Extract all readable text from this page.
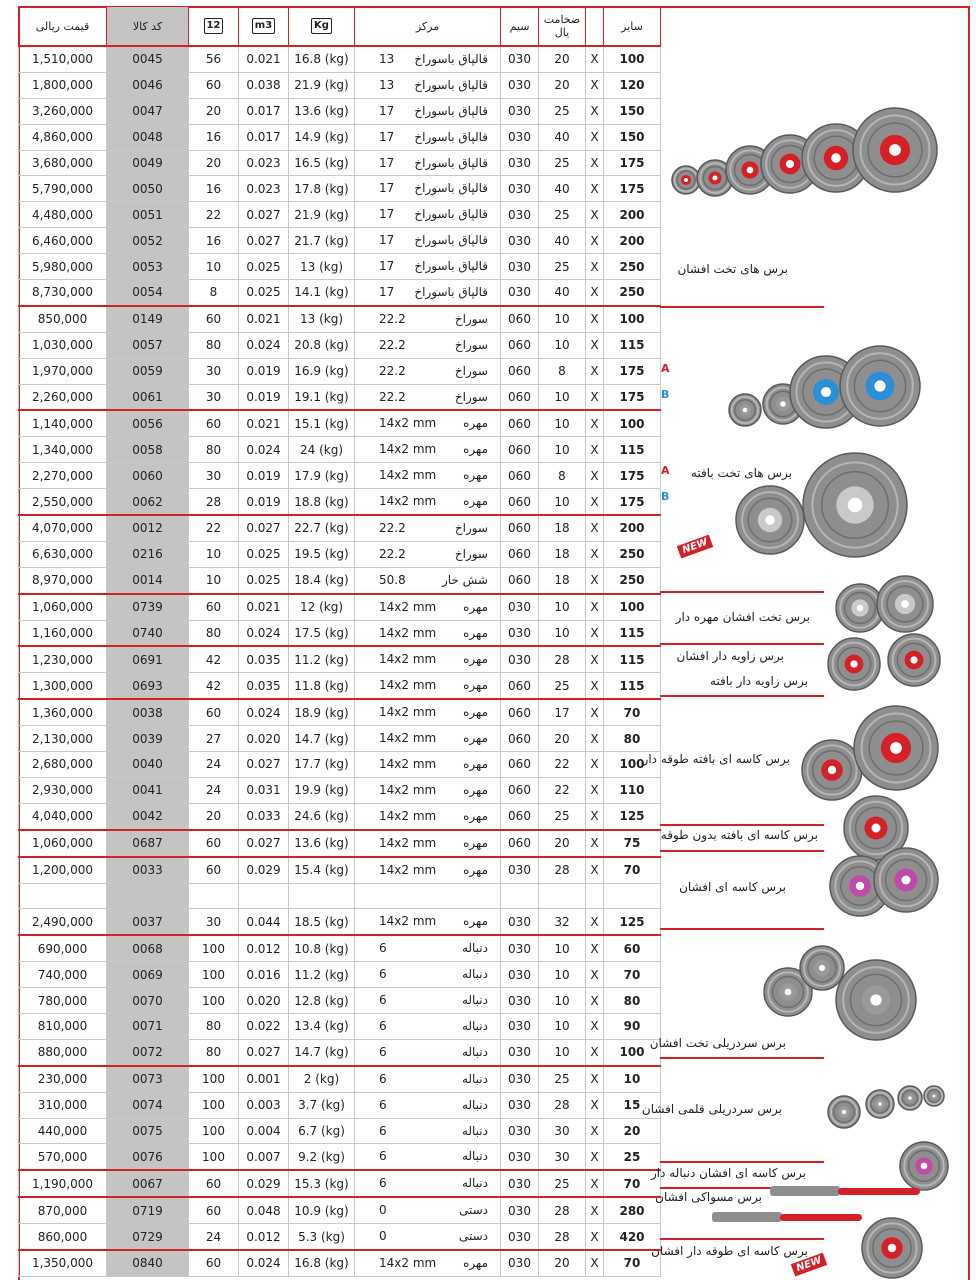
قیمت ریالی	کد کالا	12	m3	Kg	مرکز	سیم	ضخامت
یال		سایز
1,510,000	0045	56	0.021	16.8 (kg)	13 قالپاق باسوراخ	030	20	X	100
1,800,000	0046	60	0.038	21.9 (kg)	13 قالپاق باسوراخ	030	20	X	120
3,260,000	0047	20	0.017	13.6 (kg)	17 قالپاق باسوراخ	030	25	X	150
4,860,000	0048	16	0.017	14.9 (kg)	17 قالپاق باسوراخ	030	40	X	150
3,680,000	0049	20	0.023	16.5 (kg)	17 قالپاق باسوراخ	030	25	X	175
5,790,000	0050	16	0.023	17.8 (kg)	17 قالپاق باسوراخ	030	40	X	175
4,480,000	0051	22	0.027	21.9 (kg)	17 قالپاق باسوراخ	030	25	X	200
6,460,000	0052	16	0.027	21.7 (kg)	17 قالپاق باسوراخ	030	40	X	200
5,980,000	0053	10	0.025	13 (kg)	17 قالپاق باسوراخ	030	25	X	250
8,730,000	0054	8	0.025	14.1 (kg)	17 قالپاق باسوراخ	030	40	X	250
850,000	0149	60	0.021	13 (kg)	22.2 سوراخ	060	10	X	100
1,030,000	0057	80	0.024	20.8 (kg)	22.2 سوراخ	060	10	X	115
1,970,000	0059	30	0.019	16.9 (kg)	22.2 سوراخ	060	8	X	175
2,260,000	0061	30	0.019	19.1 (kg)	22.2 سوراخ	060	10	X	175
1,140,000	0056	60	0.021	15.1 (kg)	14x2 mm مهره	060	10	X	100
1,340,000	0058	80	0.024	24 (kg)	14x2 mm مهره	060	10	X	115
2,270,000	0060	30	0.019	17.9 (kg)	14x2 mm مهره	060	8	X	175
2,550,000	0062	28	0.019	18.8 (kg)	14x2 mm مهره	060	10	X	175
4,070,000	0012	22	0.027	22.7 (kg)	22.2 سوراخ	060	18	X	200
6,630,000	0216	10	0.025	19.5 (kg)	22.2 سوراخ	060	18	X	250
8,970,000	0014	10	0.025	18.4 (kg)	50.8 شش خار	060	18	X	250
1,060,000	0739	60	0.021	12 (kg)	14x2 mm مهره	030	10	X	100
1,160,000	0740	80	0.024	17.5 (kg)	14x2 mm مهره	030	10	X	115
1,230,000	0691	42	0.035	11.2 (kg)	14x2 mm مهره	030	28	X	115
1,300,000	0693	42	0.035	11.8 (kg)	14x2 mm مهره	060	25	X	115
1,360,000	0038	60	0.024	18.9 (kg)	14x2 mm مهره	060	17	X	70
2,130,000	0039	27	0.020	14.7 (kg)	14x2 mm مهره	060	20	X	80
2,680,000	0040	24	0.027	17.7 (kg)	14x2 mm مهره	060	22	X	100
2,930,000	0041	24	0.031	19.9 (kg)	14x2 mm مهره	060	22	X	110
4,040,000	0042	20	0.033	24.6 (kg)	14x2 mm مهره	060	25	X	125
1,060,000	0687	60	0.027	13.6 (kg)	14x2 mm مهره	060	20	X	75
1,200,000	0033	60	0.029	15.4 (kg)	14x2 mm مهره	030	28	X	70

2,490,000	0037	30	0.044	18.5 (kg)	14x2 mm مهره	030	32	X	125
690,000	0068	100	0.012	10.8 (kg)	6 دنباله	030	10	X	60
740,000	0069	100	0.016	11.2 (kg)	6 دنباله	030	10	X	70
780,000	0070	100	0.020	12.8 (kg)	6 دنباله	030	10	X	80
810,000	0071	80	0.022	13.4 (kg)	6 دنباله	030	10	X	90
880,000	0072	80	0.027	14.7 (kg)	6 دنباله	030	10	X	100
230,000	0073	100	0.001	2 (kg)	6 دنباله	030	25	X	10
310,000	0074	100	0.003	3.7 (kg)	6 دنباله	030	28	X	15
440,000	0075	100	0.004	6.7 (kg)	6 دنباله	030	30	X	20
570,000	0076	100	0.007	9.2 (kg)	6 دنباله	030	30	X	25
1,190,000	0067	60	0.029	15.3 (kg)	6 دنباله	030	25	X	70
870,000	0719	60	0.048	10.9 (kg)	0 دستی	030	28	X	280
860,000	0729	24	0.012	5.3 (kg)	0 دستی	030	28	X	420
1,350,000	0840	60	0.024	16.8 (kg)	14x2 mm مهره	030	20	X	70
برس های تخت افشان
برس های تخت بافته
برس تخت افشان مهره دار
برس زاویه دار افشان
برس زاویه دار بافته
برس کاسه ای بافته طوقه دار
برس کاسه ای بافته بدون طوقه
برس کاسه ای افشان
برس سردریلی تخت افشان
برس سردریلی قلمی افشان
برس کاسه ای افشان دنباله دار
برس مسواکی افشان
برس کاسه ای طوقه دار افشان
A
B
A
B
NEW
NEW
